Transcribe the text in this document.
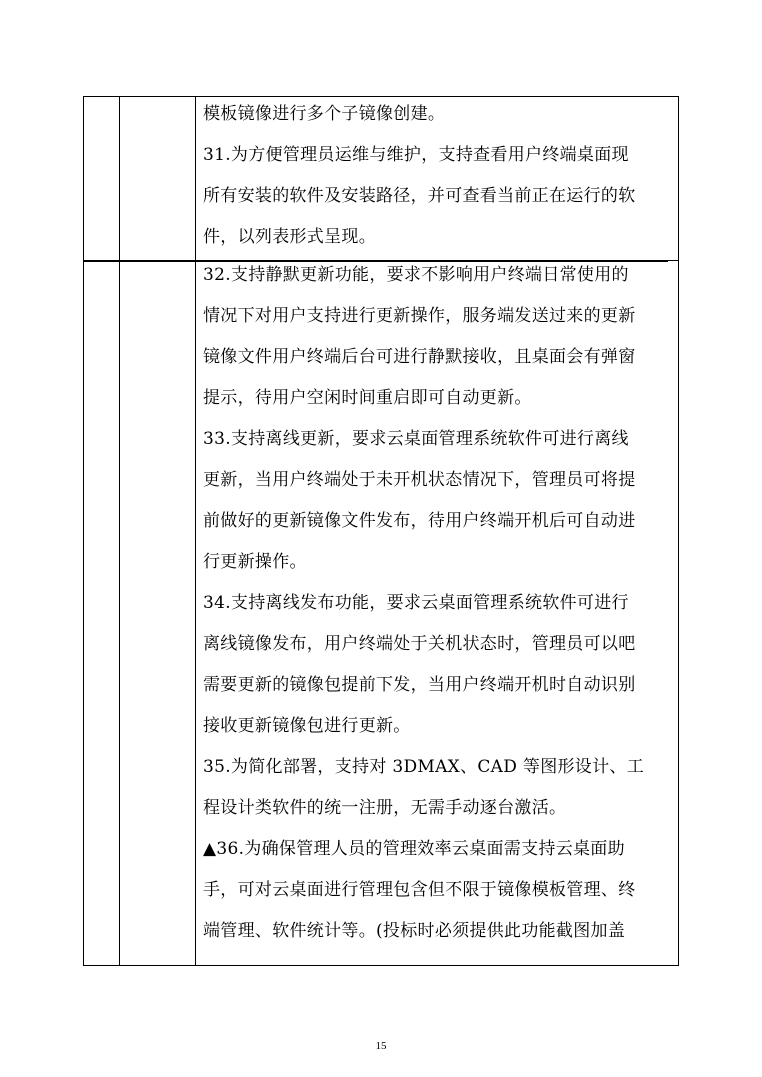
模板镜像进行多个子镜像创建。

31.为方便管理员运维与维护，支持查看用户终端桌面现

所有安装的软件及安装路径，并可查看当前正在运行的软

件，以列表形式呈现。

32.支持静默更新功能，要求不影响用户终端日常使用的

情况下对用户支持进行更新操作，服务端发送过来的更新

镜像文件用户终端后台可进行静默接收，且桌面会有弹窗

提示，待用户空闲时间重启即可自动更新。

33.支持离线更新，要求云桌面管理系统软件可进行离线

更新，当用户终端处于未开机状态情况下，管理员可将提

前做好的更新镜像文件发布，待用户终端开机后可自动进

行更新操作。

34.支持离线发布功能，要求云桌面管理系统软件可进行

离线镜像发布，用户终端处于关机状态时，管理员可以吧

需要更新的镜像包提前下发，当用户终端开机时自动识别

接收更新镜像包进行更新。

35.为简化部署，支持对 3DMAX、CAD 等图形设计、工

程设计类软件的统一注册，无需手动逐台激活。

▲36.为确保管理人员的管理效率云桌面需支持云桌面助

手，可对云桌面进行管理包含但不限于镜像模板管理、终

端管理、软件统计等。(投标时必须提供此功能截图加盖

15
